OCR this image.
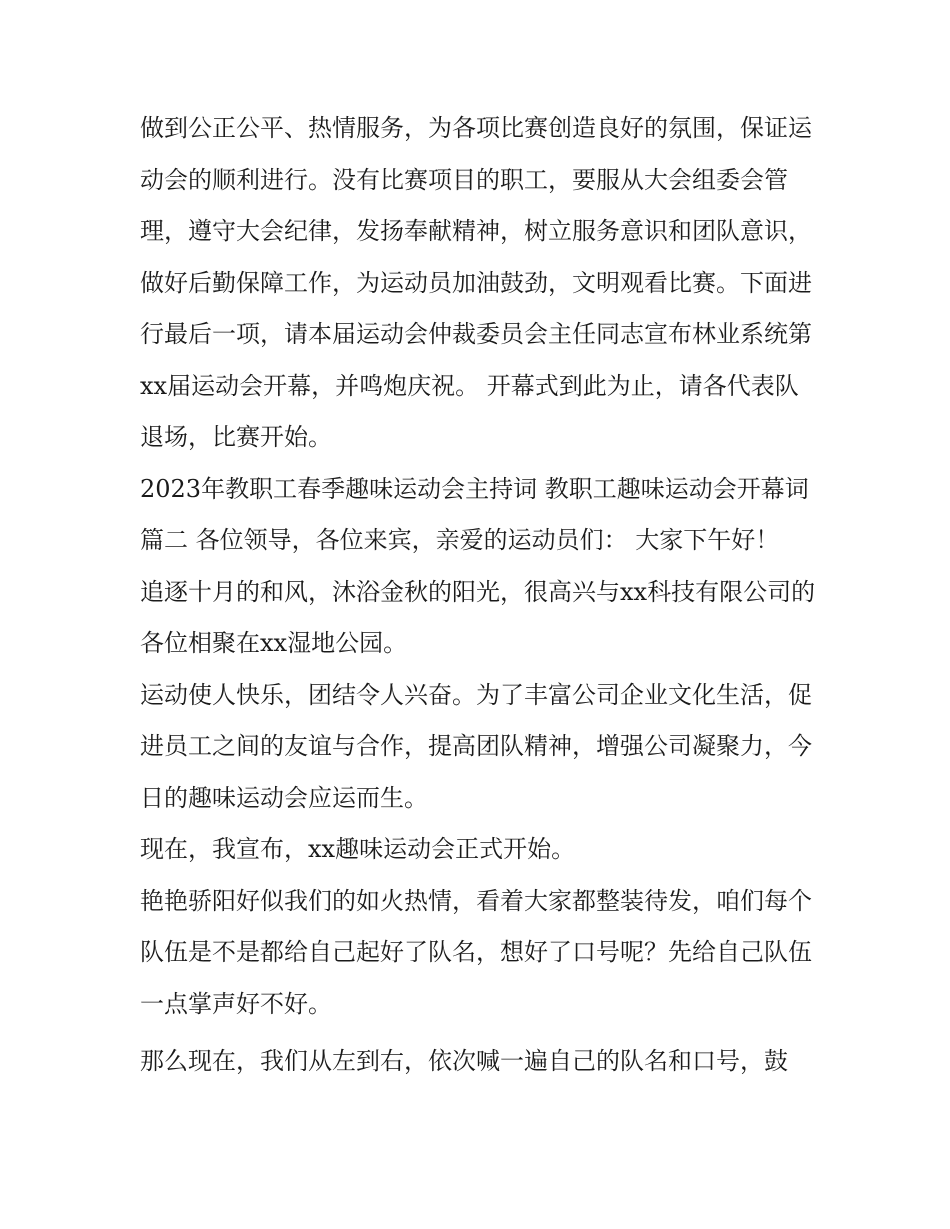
做到公正公平、热情服务，为各项比赛创造良好的氛围，保证运动会的顺利进行。没有比赛项目的职工，要服从大会组委会管理，遵守大会纪律，发扬奉献精神，树立服务意识和团队意识，做好后勤保障工作，为运动员加油鼓劲，文明观看比赛。下面进行最后一项，请本届运动会仲裁委员会主任同志宣布林业系统第xx届运动会开幕，并鸣炮庆祝。 开幕式到此为止，请各代表队退场，比赛开始。

2023年教职工春季趣味运动会主持词 教职工趣味运动会开幕词篇二 各位领导，各位来宾，亲爱的运动员们： 大家下午好！

追逐十月的和风，沐浴金秋的阳光，很高兴与xx科技有限公司的各位相聚在xx湿地公园。

运动使人快乐，团结令人兴奋。为了丰富公司企业文化生活，促进员工之间的友谊与合作，提高团队精神，增强公司凝聚力，今日的趣味运动会应运而生。

现在，我宣布，xx趣味运动会正式开始。

艳艳骄阳好似我们的如火热情，看着大家都整装待发，咱们每个队伍是不是都给自己起好了队名，想好了口号呢？先给自己队伍一点掌声好不好。

那么现在，我们从左到右，依次喊一遍自己的队名和口号，鼓
